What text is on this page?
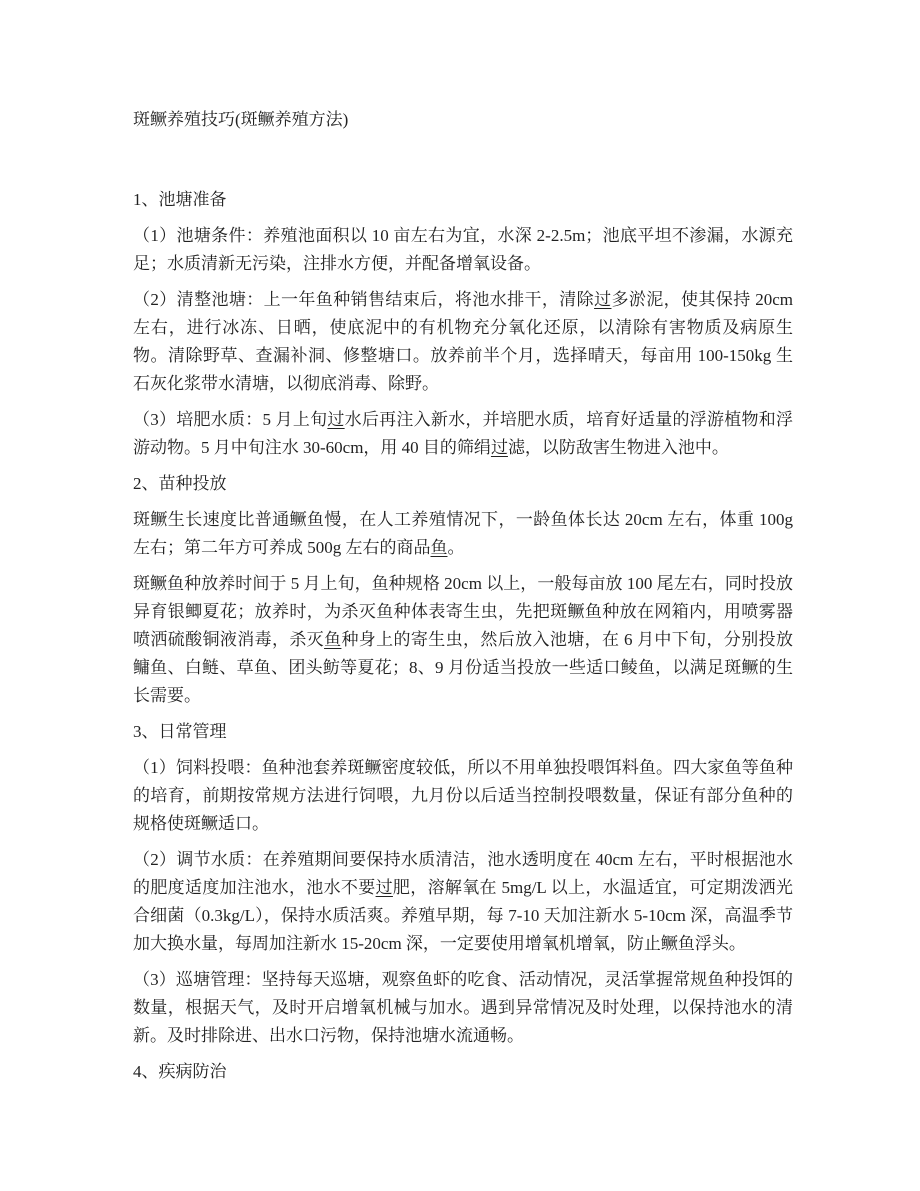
斑鳜养殖技巧(斑鳜养殖方法)

1、池塘准备

（1）池塘条件：养殖池面积以 10 亩左右为宜，水深 2-2.5m；池底平坦不渗漏，水源充足；水质清新无污染，注排水方便，并配备增氧设备。

（2）清整池塘：上一年鱼种销售结束后，将池水排干，清除过多淤泥，使其保持 20cm 左右，进行冰冻、日晒，使底泥中的有机物充分氧化还原，以清除有害物质及病原生物。清除野草、查漏补洞、修整塘口。放养前半个月，选择晴天，每亩用 100-150kg 生石灰化浆带水清塘，以彻底消毒、除野。

（3）培肥水质：5 月上旬过水后再注入新水，并培肥水质，培育好适量的浮游植物和浮游动物。5 月中旬注水 30-60cm，用 40 目的筛绢过滤，以防敌害生物进入池中。

2、苗种投放

斑鳜生长速度比普通鳜鱼慢，在人工养殖情况下，一龄鱼体长达 20cm 左右，体重 100g 左右；第二年方可养成 500g 左右的商品鱼。

斑鳜鱼种放养时间于 5 月上旬，鱼种规格 20cm 以上，一般每亩放 100 尾左右，同时投放异育银鲫夏花；放养时，为杀灭鱼种体表寄生虫，先把斑鳜鱼种放在网箱内，用喷雾器喷洒硫酸铜液消毒，杀灭鱼种身上的寄生虫，然后放入池塘，在 6 月中下旬，分别投放鳙鱼、白鲢、草鱼、团头鲂等夏花；8、9 月份适当投放一些适口鲮鱼，以满足斑鳜的生长需要。

3、日常管理

（1）饲料投喂：鱼种池套养斑鳜密度较低，所以不用单独投喂饵料鱼。四大家鱼等鱼种的培育，前期按常规方法进行饲喂，九月份以后适当控制投喂数量，保证有部分鱼种的规格使斑鳜适口。

（2）调节水质：在养殖期间要保持水质清洁，池水透明度在 40cm 左右，平时根据池水的肥度适度加注池水，池水不要过肥，溶解氧在 5mg/L 以上，水温适宜，可定期泼洒光合细菌（0.3kg/L），保持水质活爽。养殖早期，每 7-10 天加注新水 5-10cm 深，高温季节加大换水量，每周加注新水 15-20cm 深，一定要使用增氧机增氧，防止鳜鱼浮头。

（3）巡塘管理：坚持每天巡塘，观察鱼虾的吃食、活动情况，灵活掌握常规鱼种投饵的数量，根据天气，及时开启增氧机械与加水。遇到异常情况及时处理，以保持池水的清新。及时排除进、出水口污物，保持池塘水流通畅。

4、疾病防治
